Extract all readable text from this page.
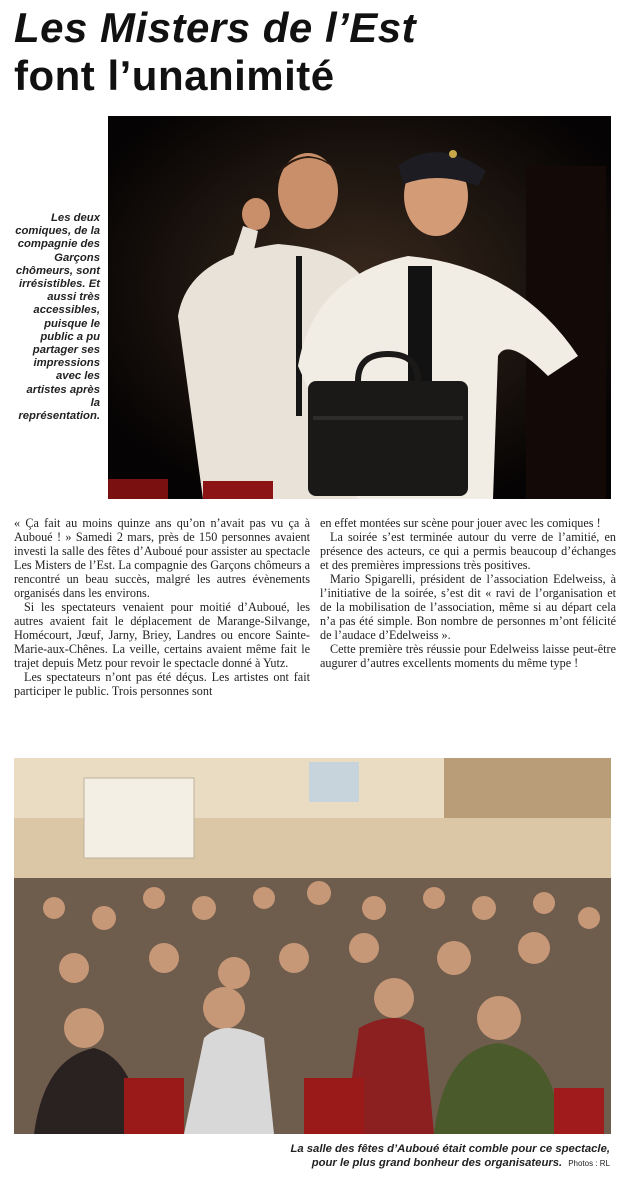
Les Misters de l’Est
font l’unanimité
Les deux comiques, de la compagnie des Garçons chômeurs, sont irrésistibles. Et aussi très accessibles, puisque le public a pu partager ses impressions avec les artistes après la représentation.

« Ça fait au moins quinze ans qu’on n’avait pas vu ça à Auboué ! » Samedi 2 mars, près de 150 personnes avaient investi la salle des fêtes d’Auboué pour assister au spectacle Les Misters de l’Est. La compagnie des Garçons chômeurs a rencontré un beau succès, malgré les autres évènements organisés dans les environs.

Si les spectateurs venaient pour moitié d’Auboué, les autres avaient fait le déplacement de Marange-Silvange, Homécourt, Jœuf, Jarny, Briey, Landres ou encore Sainte-Marie-aux-Chênes. La veille, certains avaient même fait le trajet depuis Metz pour revoir le spectacle donné à Yutz.

Les spectateurs n’ont pas été déçus. Les artistes ont fait participer le public. Trois personnes sont

en effet montées sur scène pour jouer avec les comiques !

La soirée s’est terminée autour du verre de l’amitié, en présence des acteurs, ce qui a permis beaucoup d’échanges et des premières impressions très positives.

Mario Spigarelli, président de l’association Edelweiss, à l’initiative de la soirée, s’est dit « ravi de l’organisation et de la mobilisation de l’association, même si au départ cela n’a pas été simple. Bon nombre de personnes m’ont félicité de l’audace d’Edelweiss ».

Cette première très réussie pour Edelweiss laisse peut-être augurer d’autres excellents moments du même type !

La salle des fêtes d’Auboué était comble pour ce spectacle,
pour le plus grand bonheur des organisateurs. Photos : RL
